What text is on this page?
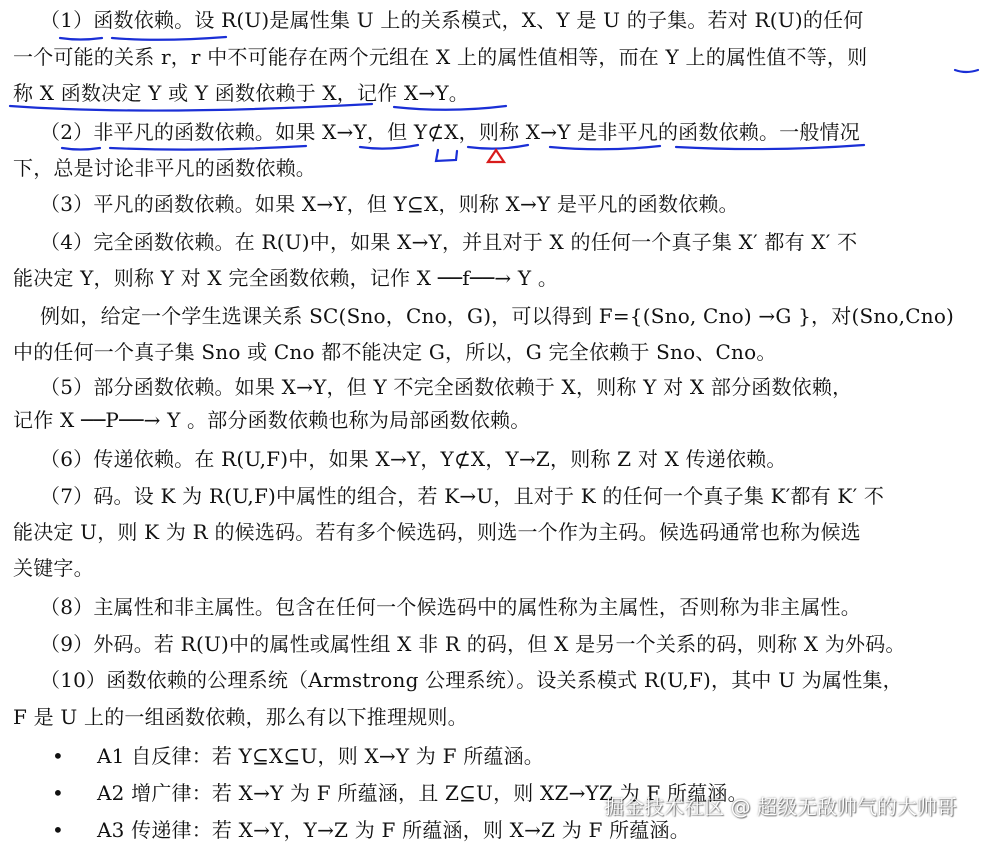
（1）函数依赖。设 R(U)是属性集 U 上的关系模式，X、Y 是 U 的子集。若对 R(U)的任何
一个可能的关系 r，r 中不可能存在两个元组在 X 上的属性值相等，而在 Y 上的属性值不等，则
称 X 函数决定 Y 或 Y 函数依赖于 X，记作 X→Y。
（2）非平凡的函数依赖。如果 X→Y，但 Y⊄X，则称 X→Y 是非平凡的函数依赖。一般情况
下，总是讨论非平凡的函数依赖。
（3）平凡的函数依赖。如果 X→Y，但 Y⊆X，则称 X→Y 是平凡的函数依赖。
（4）完全函数依赖。在 R(U)中，如果 X→Y，并且对于 X 的任何一个真子集 X′ 都有 X′ 不
能决定 Y，则称 Y 对 X 完全函数依赖，记作 X ──f──→ Y 。
例如，给定一个学生选课关系 SC(Sno，Cno，G)，可以得到 F={(Sno, Cno) →G }，对(Sno,Cno)
中的任何一个真子集 Sno 或 Cno 都不能决定 G，所以，G 完全依赖于 Sno、Cno。
（5）部分函数依赖。如果 X→Y，但 Y 不完全函数依赖于 X，则称 Y 对 X 部分函数依赖，
记作 X ──P──→ Y 。部分函数依赖也称为局部函数依赖。
（6）传递依赖。在 R(U,F)中，如果 X→Y，Y⊄X，Y→Z，则称 Z 对 X 传递依赖。
（7）码。设 K 为 R(U,F)中属性的组合，若 K→U，且对于 K 的任何一个真子集 K′都有 K′ 不
能决定 U，则 K 为 R 的候选码。若有多个候选码，则选一个作为主码。候选码通常也称为候选
关键字。
（8）主属性和非主属性。包含在任何一个候选码中的属性称为主属性，否则称为非主属性。
（9）外码。若 R(U)中的属性或属性组 X 非 R 的码，但 X 是另一个关系的码，则称 X 为外码。
（10）函数依赖的公理系统（Armstrong 公理系统）。设关系模式 R(U,F)，其中 U 为属性集，
F 是 U 上的一组函数依赖，那么有以下推理规则。
• A1 自反律：若 Y⊆X⊆U，则 X→Y 为 F 所蕴涵。
• A2 增广律：若 X→Y 为 F 所蕴涵，且 Z⊆U，则 XZ→YZ 为 F 所蕴涵。
• A3 传递律：若 X→Y，Y→Z 为 F 所蕴涵，则 X→Z 为 F 所蕴涵。
掘金技术社区 @ 超级无敌帅气的大帅哥
